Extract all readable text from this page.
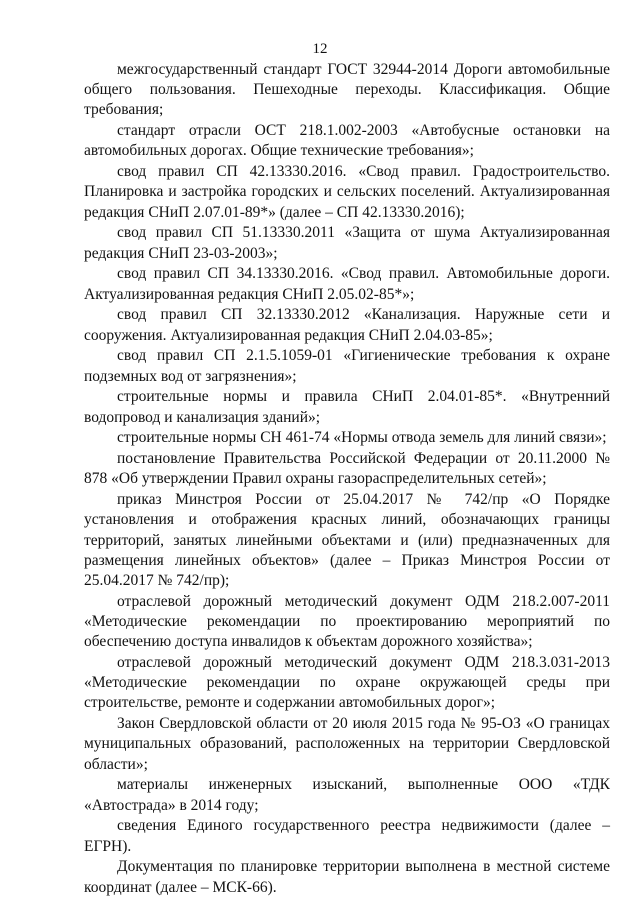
12

межгосударственный стандарт ГОСТ 32944-2014 Дороги автомобильные общего пользования. Пешеходные переходы. Классификация. Общие требования;

стандарт отрасли ОСТ 218.1.002-2003 «Автобусные остановки на автомобильных дорогах. Общие технические требования»;

свод правил СП 42.13330.2016. «Свод правил. Градостроительство. Планировка и застройка городских и сельских поселений. Актуализированная редакция СНиП 2.07.01-89*» (далее – СП 42.13330.2016);

свод правил СП 51.13330.2011 «Защита от шума Актуализированная редакция СНиП 23-03-2003»;

свод правил СП 34.13330.2016. «Свод правил. Автомобильные дороги. Актуализированная редакция СНиП 2.05.02-85*»;

свод правил СП 32.13330.2012 «Канализация. Наружные сети и сооружения. Актуализированная редакция СНиП 2.04.03-85»;

свод правил СП 2.1.5.1059-01 «Гигиенические требования к охране подземных вод от загрязнения»;

строительные нормы и правила СНиП 2.04.01-85*. «Внутренний водопровод и канализация зданий»;

строительные нормы СН 461-74 «Нормы отвода земель для линий связи»;

постановление Правительства Российской Федерации от 20.11.2000 № 878 «Об утверждении Правил охраны газораспределительных сетей»;

приказ Минстроя России от 25.04.2017 № 742/пр «О Порядке установления и отображения красных линий, обозначающих границы территорий, занятых линейными объектами и (или) предназначенных для размещения линейных объектов» (далее – Приказ Минстроя России от 25.04.2017 № 742/пр);

отраслевой дорожный методический документ ОДМ 218.2.007-2011 «Методические рекомендации по проектированию мероприятий по обеспечению доступа инвалидов к объектам дорожного хозяйства»;

отраслевой дорожный методический документ ОДМ 218.3.031-2013 «Методические рекомендации по охране окружающей среды при строительстве, ремонте и содержании автомобильных дорог»;

Закон Свердловской области от 20 июля 2015 года № 95-ОЗ «О границах муниципальных образований, расположенных на территории Свердловской области»;

материалы инженерных изысканий, выполненные ООО «ТДК «Автострада» в 2014 году;

сведения Единого государственного реестра недвижимости (далее – ЕГРН).

Документация по планировке территории выполнена в местной системе координат (далее – МСК-66).
